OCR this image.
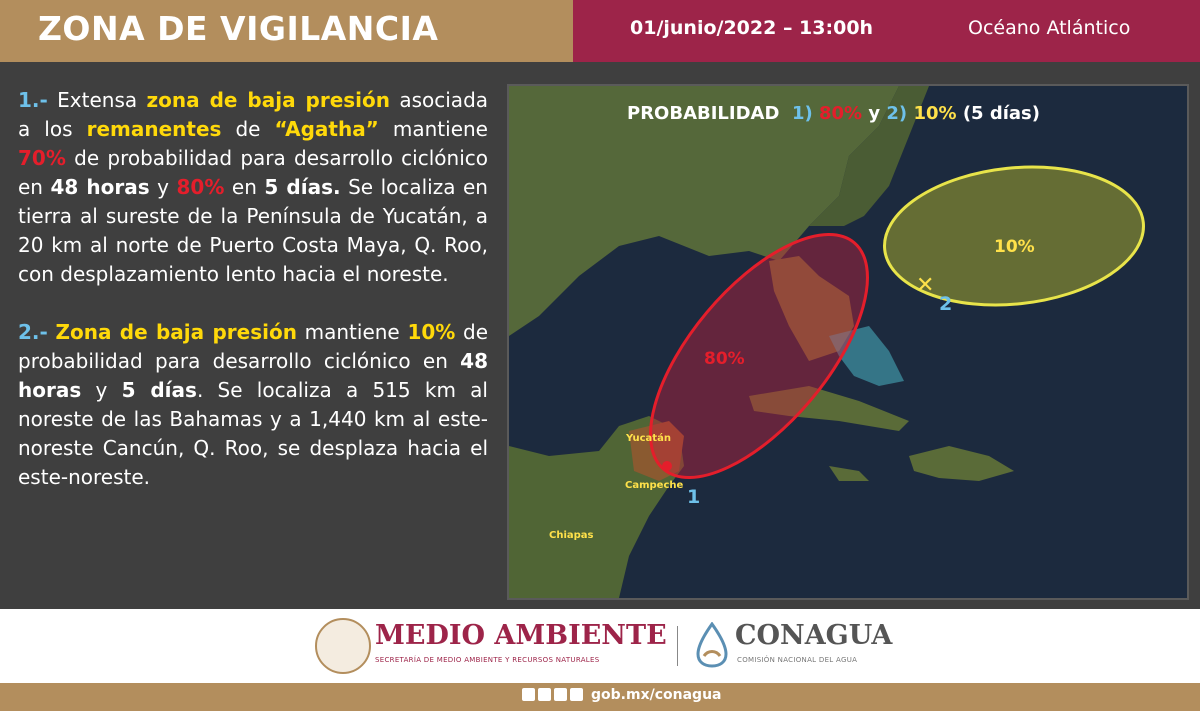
ZONA DE VIGILANCIA	01/junio/2022 – 13:00h	Océano Atlántico

1.- Extensa zona de baja presión asociada a los remanentes de “Agatha” mantiene 70% de probabilidad para desarrollo ciclónico en 48 horas y 80% en 5 días. Se localiza en tierra al sureste de la Península de Yucatán, a 20 km al norte de Puerto Costa Maya, Q. Roo, con desplazamiento lento hacia el noreste.

2.- Zona de baja presión mantiene 10% de probabilidad para desarrollo ciclónico en 48 horas y 5 días. Se localiza a 515 km al noreste de las Bahamas y a 1,440 km al este-noreste Cancún, Q. Roo, se desplaza hacia el este-noreste.

✕
80%
10%
1
2
Yucatán
Campeche
Chiapas
PROBABILIDAD 1) 80% y 2) 10% (5 días)
MEDIO AMBIENTE
SECRETARÍA DE MEDIO AMBIENTE Y RECURSOS NATURALES
CONAGUA
COMISIÓN NACIONAL DEL AGUA
gob.mx/conagua
